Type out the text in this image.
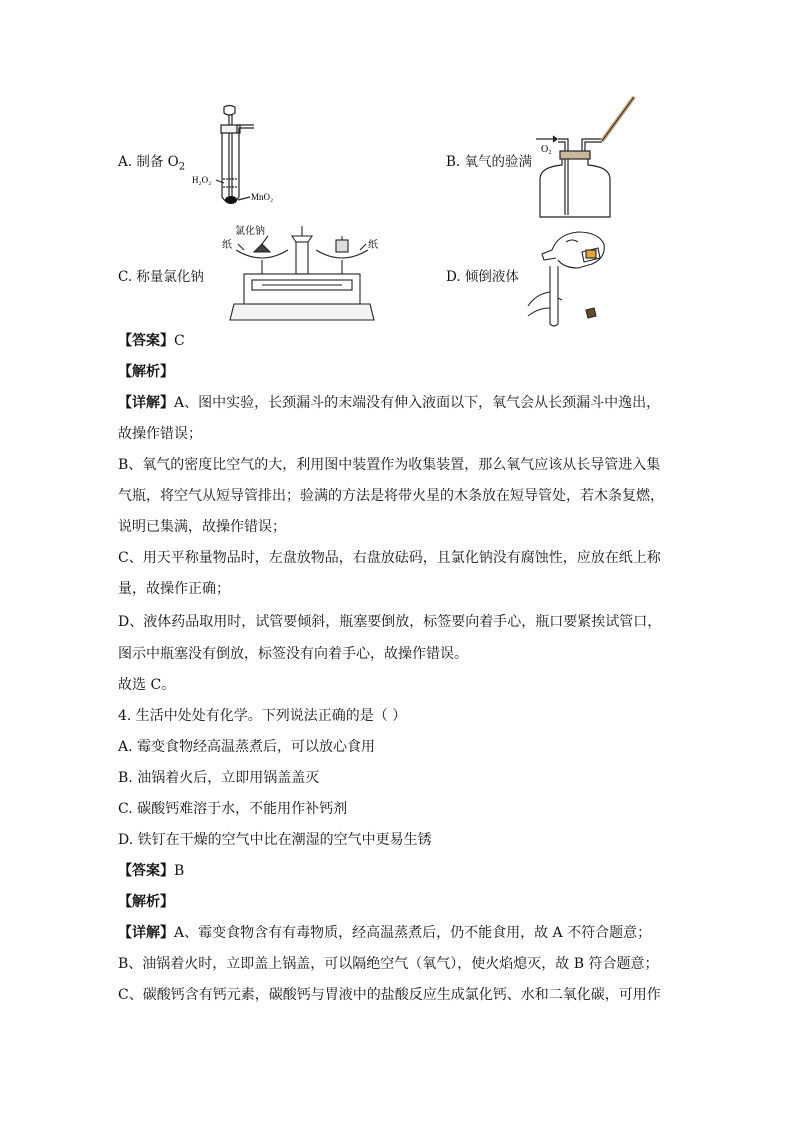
A. 制备 $O_2$
H₂O₂
MnO₂
B. 氧气的验满
O₂
C. 称量氯化钠
氯化钠
纸	纸
D. 倾倒液体
【答案】C
【解析】
【详解】A、图中实验，长颈漏斗的末端没有伸入液面以下，氧气会从长颈漏斗中逸出，
故操作错误；
B、氧气的密度比空气的大，利用图中装置作为收集装置，那么氧气应该从长导管进入集
气瓶，将空气从短导管排出；验满的方法是将带火星的木条放在短导管处，若木条复燃，
说明已集满，故操作错误；
C、用天平称量物品时，左盘放物品，右盘放砝码，且氯化钠没有腐蚀性，应放在纸上称
量，故操作正确；
D、液体药品取用时，试管要倾斜，瓶塞要倒放，标签要向着手心，瓶口要紧挨试管口，
图示中瓶塞没有倒放，标签没有向着手心，故操作错误。
故选 C。
4. 生活中处处有化学。下列说法正确的是（ ）
A. 霉变食物经高温蒸煮后，可以放心食用
B. 油锅着火后，立即用锅盖盖灭
C. 碳酸钙难溶于水，不能用作补钙剂
D. 铁钉在干燥的空气中比在潮湿的空气中更易生锈
【答案】B
【解析】
【详解】A、霉变食物含有有毒物质，经高温蒸煮后，仍不能食用，故 A 不符合题意；
B、油锅着火时，立即盖上锅盖，可以隔绝空气（氧气），使火焰熄灭，故 B 符合题意；
C、碳酸钙含有钙元素，碳酸钙与胃液中的盐酸反应生成氯化钙、水和二氧化碳，可用作
